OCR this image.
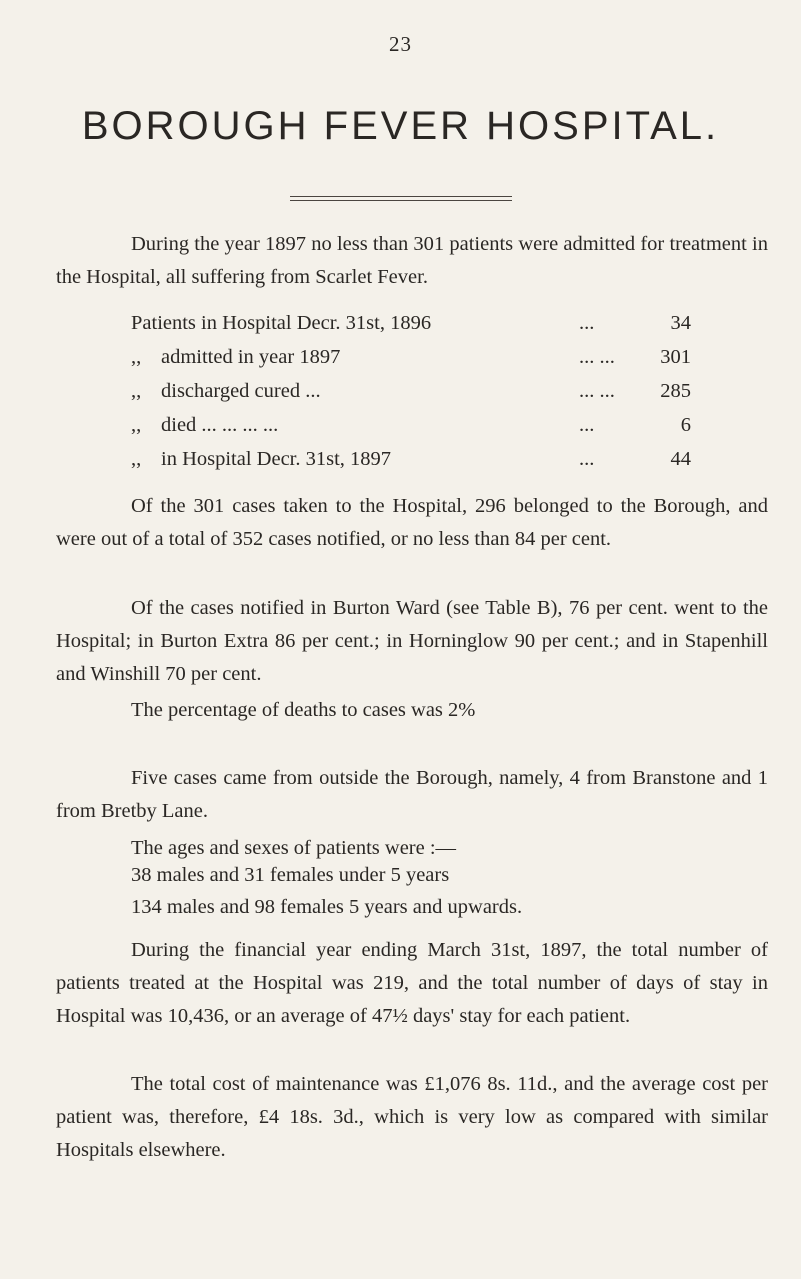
23
BOROUGH FEVER HOSPITAL.

During the year 1897 no less than 301 patients were admitted for treatment in the Hospital, all suffering from Scarlet Fever.

Patients in Hospital Decr. 31st, 1896	...	34
,, admitted in year 1897	... ...	301
,, discharged cured ...	... ...	285
,, died ... ... ... ...	...	6
,, in Hospital Decr. 31st, 1897	...	44

Of the 301 cases taken to the Hospital, 296 belonged to the Borough, and were out of a total of 352 cases notified, or no less than 84 per cent.

Of the cases notified in Burton Ward (see Table B), 76 per cent. went to the Hospital; in Burton Extra 86 per cent.; in Horninglow 90 per cent.; and in Stapenhill and Winshill 70 per cent.

The percentage of deaths to cases was 2%

Five cases came from outside the Borough, namely, 4 from Branstone and 1 from Bretby Lane.

The ages and sexes of patients were :—

38 males and 31 females under 5 years
134 males and 98 females 5 years and upwards.

During the financial year ending March 31st, 1897, the total number of patients treated at the Hospital was 219, and the total number of days of stay in Hospital was 10,436, or an average of 47½ days' stay for each patient.

The total cost of maintenance was £1,076 8s. 11d., and the average cost per patient was, therefore, £4 18s. 3d., which is very low as compared with similar Hospitals elsewhere.
